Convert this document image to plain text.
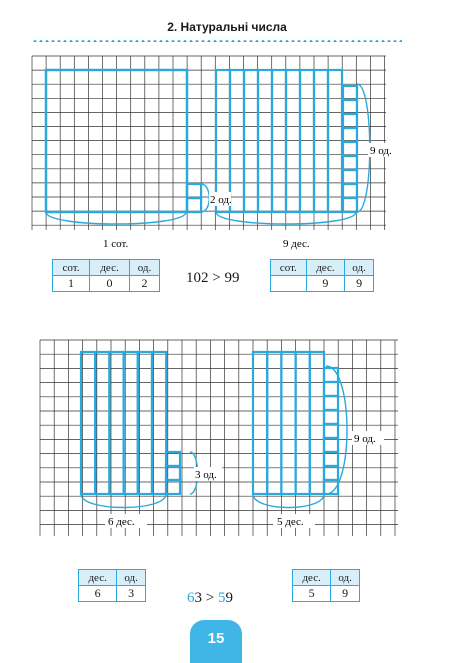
2. Натуральні числа
2 од.
9 од.
1 сот.	9 дес.
сот.	дес.	од.
1	0	2	102 > 99
сот.	дес.	од.
	9	9
3 од.
9 од.
6 дес.	5 дес.
дес.	од.
6	3	63 > 59
дес.	од.
5	9
15
